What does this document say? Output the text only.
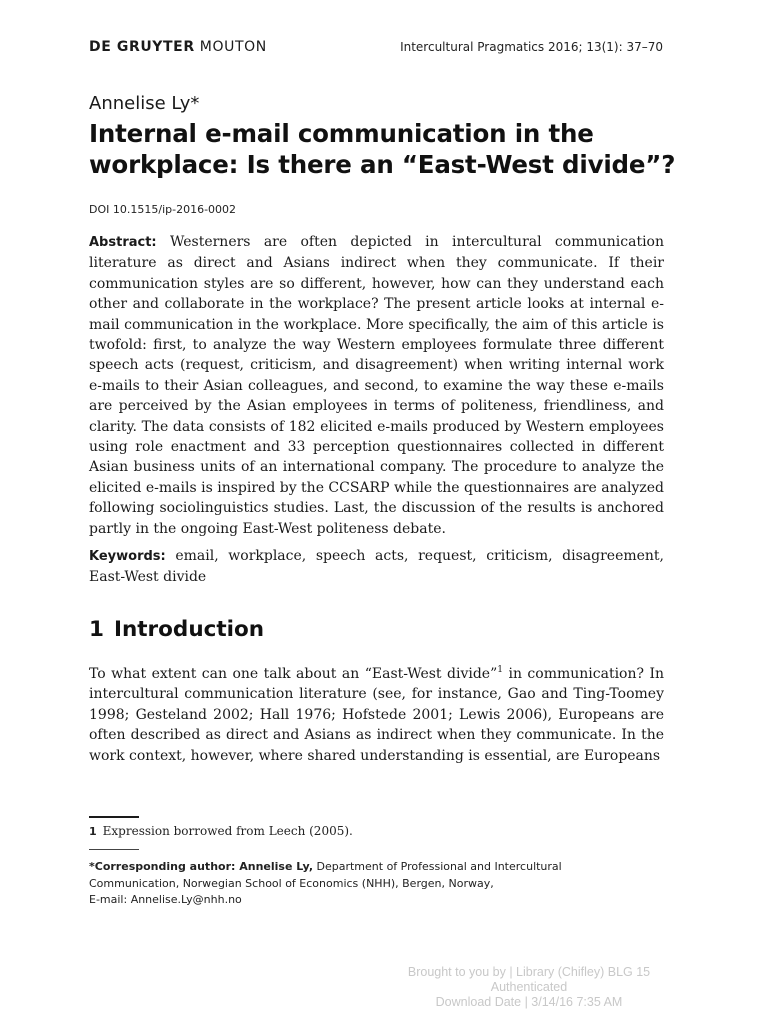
DE GRUYTER MOUTON	Intercultural Pragmatics 2016; 13(1): 37–70
Annelise Ly*
Internal e-mail communication in the
workplace: Is there an “East-West divide”?
DOI 10.1515/ip-2016-0002

Abstract: Westerners are often depicted in intercultural communication literature as direct and Asians indirect when they communicate. If their communication styles are so different, however, how can they understand each other and collaborate in the workplace? The present article looks at internal e-mail communication in the workplace. More specifically, the aim of this article is twofold: first, to analyze the way Western employees formulate three different speech acts (request, criticism, and disagreement) when writing internal work e-mails to their Asian colleagues, and second, to examine the way these e-mails are perceived by the Asian employees in terms of politeness, friendliness, and clarity. The data consists of 182 elicited e-mails produced by Western employees using role enactment and 33 perception questionnaires collected in different Asian business units of an international company. The procedure to analyze the elicited e-mails is inspired by the CCSARP while the questionnaires are analyzed following sociolinguistics studies. Last, the discussion of the results is anchored partly in the ongoing East-West politeness debate.

Keywords: email, workplace, speech acts, request, criticism, disagreement, East-West divide

1 Introduction

To what extent can one talk about an “East-West divide”$^1$ in communication? In intercultural communication literature (see, for instance, Gao and Ting-Toomey 1998; Gesteland 2002; Hall 1976; Hofstede 2001; Lewis 2006), Europeans are often described as direct and Asians as indirect when they communicate. In the work context, however, where shared understanding is essential, are Europeans

1 Expression borrowed from Leech (2005).
*Corresponding author: Annelise Ly, Department of Professional and Intercultural Communication, Norwegian School of Economics (NHH), Bergen, Norway,
E-mail: Annelise.Ly@nhh.no
Brought to you by | Library (Chifley) BLG 15
Authenticated
Download Date | 3/14/16 7:35 AM
